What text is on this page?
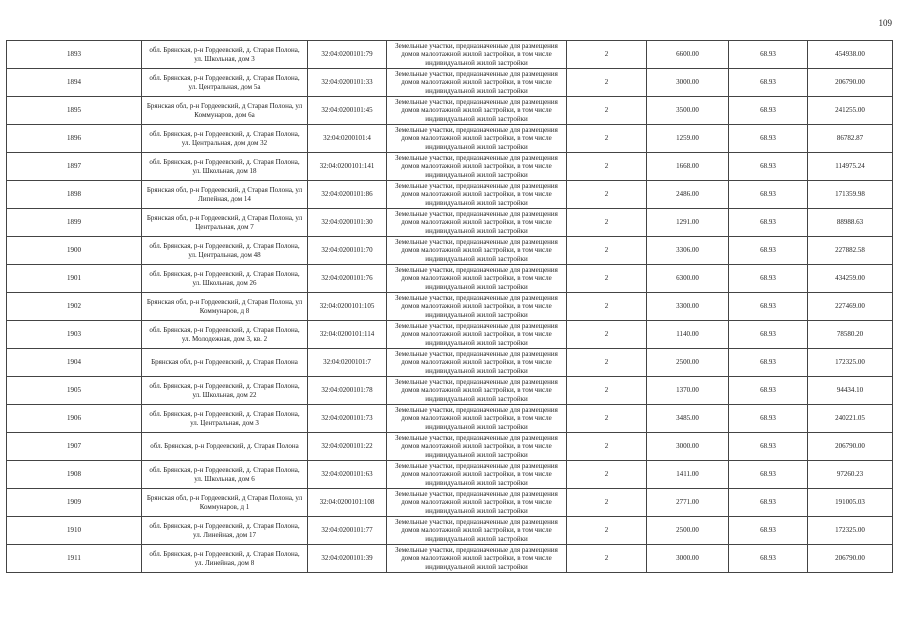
109
1893	обл. Брянская, р-н Гордеевский, д. Старая Полона, ул. Школьная, дом 3	32:04:0200101:79	Земельные участки, предназначенные для размещения домов малоэтажной жилой застройки, в том числе индивидуальной жилой застройки	2	6600.00	68.93	454938.00
1894	обл. Брянская, р-н Гордеевский, д. Старая Полона, ул. Центральная, дом 5а	32:04:0200101:33	Земельные участки, предназначенные для размещения домов малоэтажной жилой застройки, в том числе индивидуальной жилой застройки	2	3000.00	68.93	206790.00
1895	Брянская обл, р-н Гордеевский, д Старая Полона, ул Коммунаров, дом 6а	32:04:0200101:45	Земельные участки, предназначенные для размещения домов малоэтажной жилой застройки, в том числе индивидуальной жилой застройки	2	3500.00	68.93	241255.00
1896	обл. Брянская, р-н Гордеевский, д. Старая Полона, ул. Центральная, дом дом 32	32:04:0200101:4	Земельные участки, предназначенные для размещения домов малоэтажной жилой застройки, в том числе индивидуальной жилой застройки	2	1259.00	68.93	86782.87
1897	обл. Брянская, р-н Гордеевский, д. Старая Полона, ул. Школьная, дом 18	32:04:0200101:141	Земельные участки, предназначенные для размещения домов малоэтажной жилой застройки, в том числе индивидуальной жилой застройки	2	1668.00	68.93	114975.24
1898	Брянская обл, р-н Гордеевский, д Старая Полона, ул Липейная, дом 14	32:04:0200101:86	Земельные участки, предназначенные для размещения домов малоэтажной жилой застройки, в том числе индивидуальной жилой застройки	2	2486.00	68.93	171359.98
1899	Брянская обл, р-н Гордеевский, д Старая Полона, ул Центральная, дом 7	32:04:0200101:30	Земельные участки, предназначенные для размещения домов малоэтажной жилой застройки, в том числе индивидуальной жилой застройки	2	1291.00	68.93	88988.63
1900	обл. Брянская, р-н Гордеевский, д. Старая Полона, ул. Центральная, дом 48	32:04:0200101:70	Земельные участки, предназначенные для размещения домов малоэтажной жилой застройки, в том числе индивидуальной жилой застройки	2	3306.00	68.93	227882.58
1901	обл. Брянская, р-н Гордеевский, д. Старая Полона, ул. Школьная, дом 26	32:04:0200101:76	Земельные участки, предназначенные для размещения домов малоэтажной жилой застройки, в том числе индивидуальной жилой застройки	2	6300.00	68.93	434259.00
1902	Брянская обл, р-н Гордеевский, д Старая Полона, ул Коммунаров, д 8	32:04:0200101:105	Земельные участки, предназначенные для размещения домов малоэтажной жилой застройки, в том числе индивидуальной жилой застройки	2	3300.00	68.93	227469.00
1903	обл. Брянская, р-н Гордеевский, д. Старая Полона, ул. Молодежная, дом 3, кв. 2	32:04:0200101:114	Земельные участки, предназначенные для размещения домов малоэтажной жилой застройки, в том числе индивидуальной жилой застройки	2	1140.00	68.93	78580.20
1904	Брянская обл, р-н Гордеевский, д. Старая Полона	32:04:0200101:7	Земельные участки, предназначенные для размещения домов малоэтажной жилой застройки, в том числе индивидуальной жилой застройки	2	2500.00	68.93	172325.00
1905	обл. Брянская, р-н Гордеевский, д. Старая Полона, ул. Школьная, дом 22	32:04:0200101:78	Земельные участки, предназначенные для размещения домов малоэтажной жилой застройки, в том числе индивидуальной жилой застройки	2	1370.00	68.93	94434.10
1906	обл. Брянская, р-н Гордеевский, д. Старая Полона, ул. Центральная, дом 3	32:04:0200101:73	Земельные участки, предназначенные для размещения домов малоэтажной жилой застройки, в том числе индивидуальной жилой застройки	2	3485.00	68.93	240221.05
1907	обл. Брянская, р-н Гордеевский, д. Старая Полона	32:04:0200101:22	Земельные участки, предназначенные для размещения домов малоэтажной жилой застройки, в том числе индивидуальной жилой застройки	2	3000.00	68.93	206790.00
1908	обл. Брянская, р-н Гордеевский, д. Старая Полона, ул. Школьная, дом 6	32:04:0200101:63	Земельные участки, предназначенные для размещения домов малоэтажной жилой застройки, в том числе индивидуальной жилой застройки	2	1411.00	68.93	97260.23
1909	Брянская обл, р-н Гордеевский, д Старая Полона, ул Коммунаров, д 1	32:04:0200101:108	Земельные участки, предназначенные для размещения домов малоэтажной жилой застройки, в том числе индивидуальной жилой застройки	2	2771.00	68.93	191005.03
1910	обл. Брянская, р-н Гордеевский, д. Старая Полона, ул. Линейная, дом 17	32:04:0200101:77	Земельные участки, предназначенные для размещения домов малоэтажной жилой застройки, в том числе индивидуальной жилой застройки	2	2500.00	68.93	172325.00
1911	обл. Брянская, р-н Гордеевский, д. Старая Полона, ул. Линейная, дом 8	32:04:0200101:39	Земельные участки, предназначенные для размещения домов малоэтажной жилой застройки, в том числе индивидуальной жилой застройки	2	3000.00	68.93	206790.00
